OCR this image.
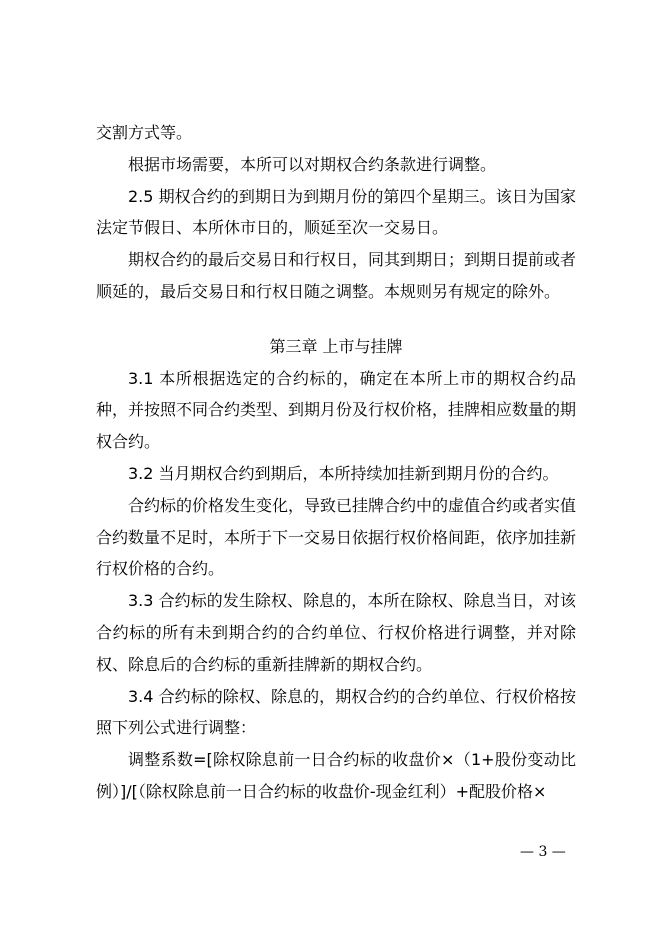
交割方式等。

根据市场需要，本所可以对期权合约条款进行调整。

2.5 期权合约的到期日为到期月份的第四个星期三。该日为国家法定节假日、本所休市日的，顺延至次一交易日。

期权合约的最后交易日和行权日，同其到期日；到期日提前或者顺延的，最后交易日和行权日随之调整。本规则另有规定的除外。

第三章 上市与挂牌

3.1 本所根据选定的合约标的，确定在本所上市的期权合约品种，并按照不同合约类型、到期月份及行权价格，挂牌相应数量的期权合约。

3.2 当月期权合约到期后，本所持续加挂新到期月份的合约。

合约标的价格发生变化，导致已挂牌合约中的虚值合约或者实值合约数量不足时，本所于下一交易日依据行权价格间距，依序加挂新行权价格的合约。

3.3 合约标的发生除权、除息的，本所在除权、除息当日，对该合约标的所有未到期合约的合约单位、行权价格进行调整，并对除权、除息后的合约标的重新挂牌新的期权合约。

3.4 合约标的除权、除息的，期权合约的合约单位、行权价格按照下列公式进行调整：

调整系数=[除权除息前一日合约标的收盘价×（1+股份变动比例）]/[（除权除息前一日合约标的收盘价-现金红利）+配股价格×

— 3 —
